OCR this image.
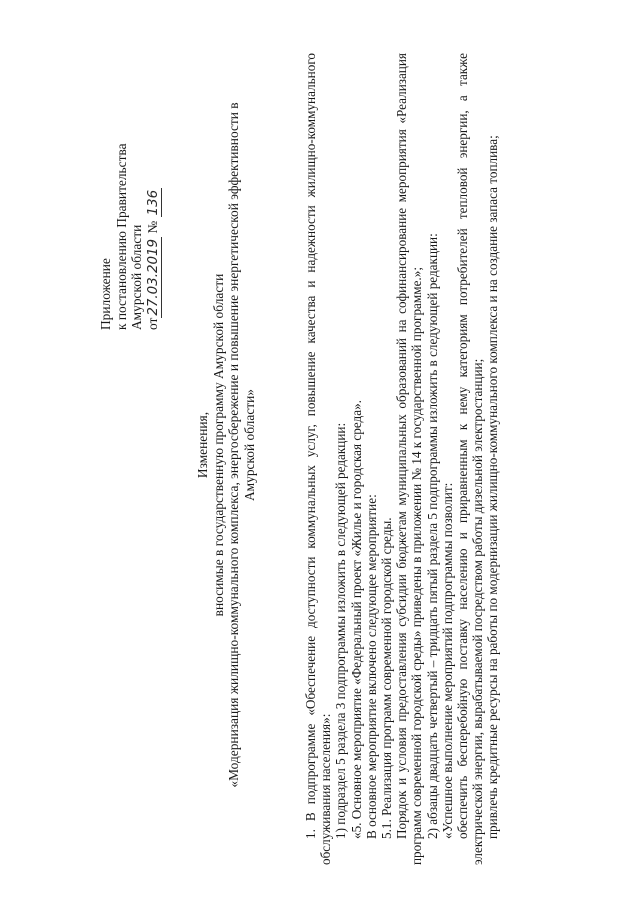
Приложение к постановлению Правительства Амурской области от27.03.2019 № 136
Изменения, вносимые в государственную программу Амурской области «Модернизация жилищно-коммунального комплекса, энергосбережение и повышение энергетической эффективности в Амурской области»	1. В подпрограмме «Обеспечение доступности коммунальных услуг, повышение качества и надежности жилищно-коммунального обслуживания населения»: 1) подраздел 5 раздела 3 подпрограммы изложить в следующей редакции: «5. Основное мероприятие «Федеральный проект «Жилье и городская среда». В основное мероприятие включено следующее мероприятие: 5.1. Реализация программ современной городской среды. Порядок и условия предоставления субсидии бюджетам муниципальных образований на софинансирование мероприятия «Реализация программ современной городской среды» приведены в приложении № 14 к государственной программе.»; 2) абзацы двадцать четвертый – тридцать пятый раздела 5 подпрограммы изложить в следующей редакции: «Успешное выполнение мероприятий подпрограммы позволит: обеспечить бесперебойную поставку населению и приравненным к нему категориям потребителей тепловой энергии, а также электрической энергии, вырабатываемой посредством работы дизельной электростанции; привлечь кредитные ресурсы на работы по модернизации жилищно-коммунального комплекса и на создание запаса топлива;
